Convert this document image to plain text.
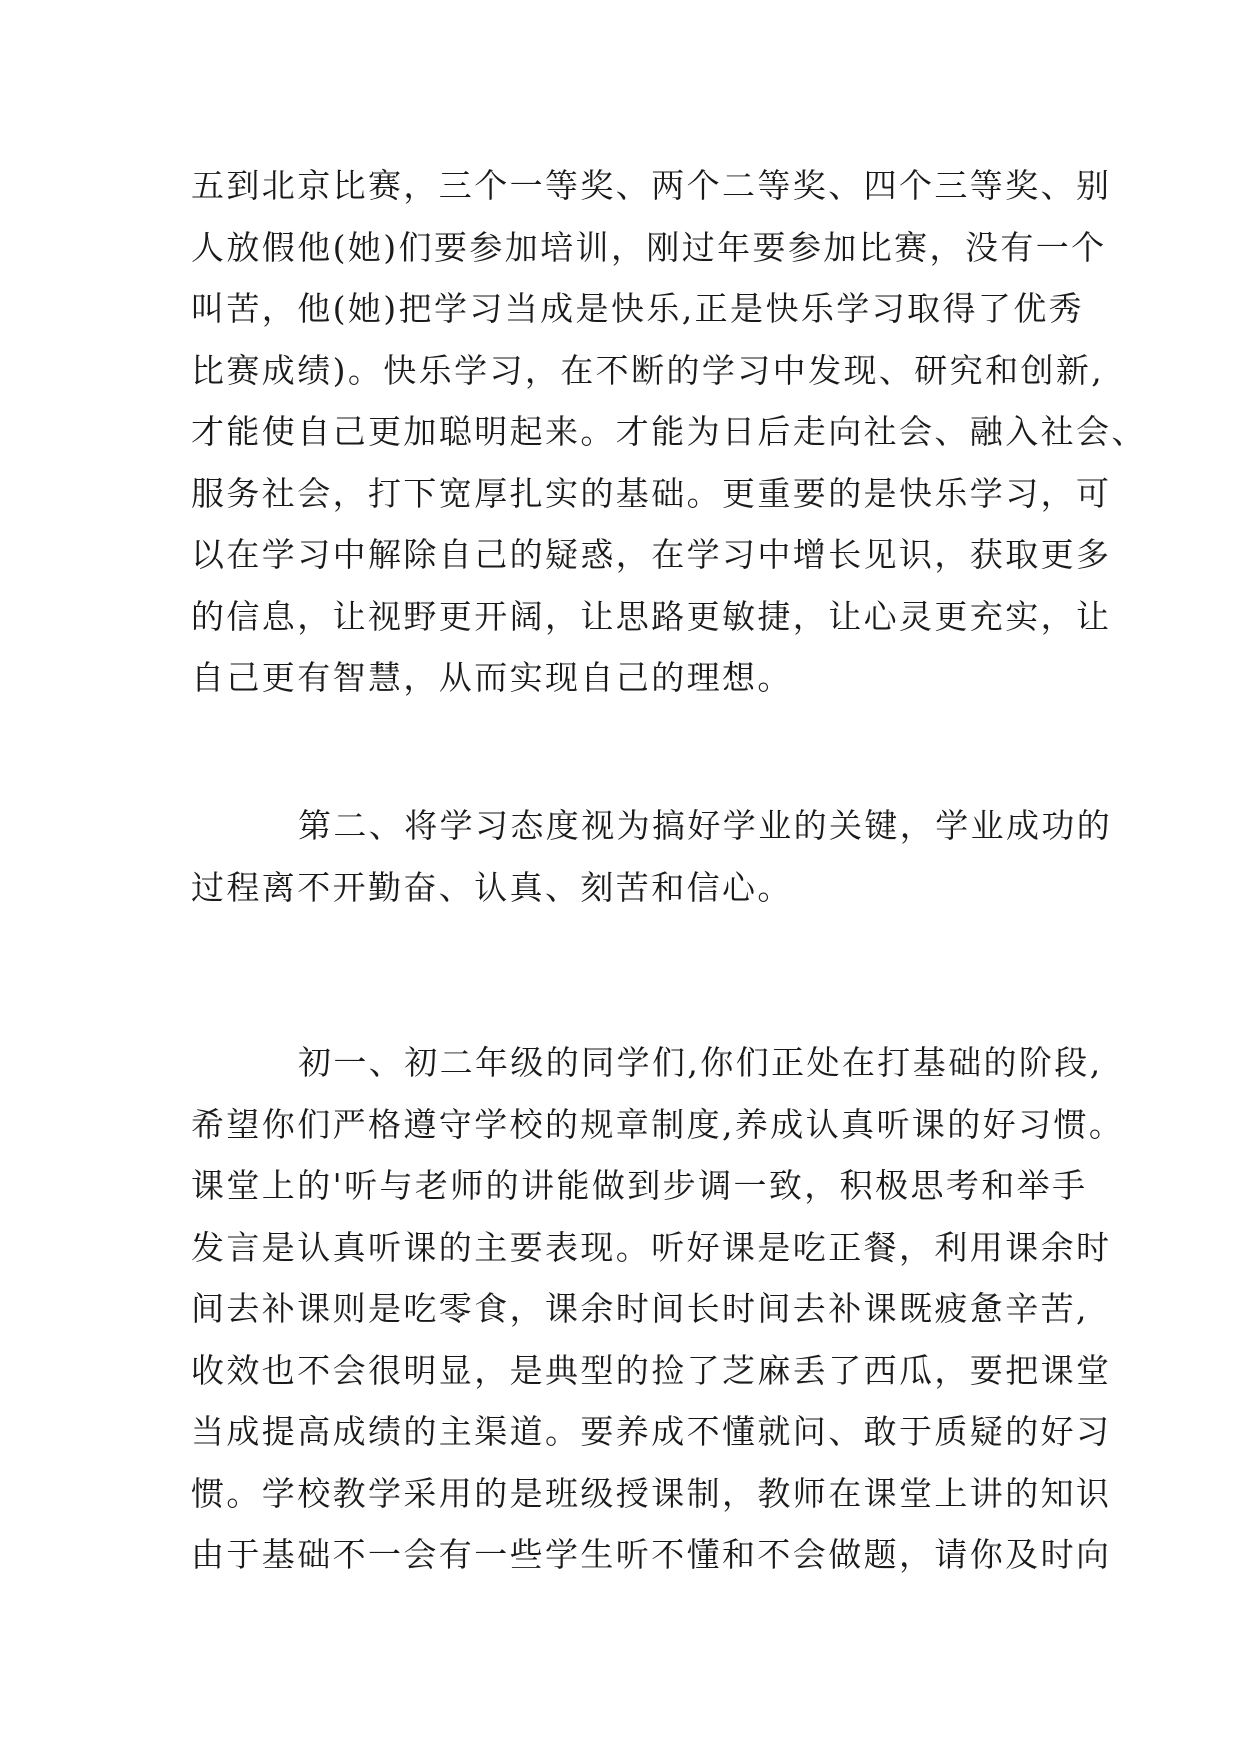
五到北京比赛，三个一等奖、两个二等奖、四个三等奖、别
人放假他(她)们要参加培训，刚过年要参加比赛，没有一个
叫苦，他(她)把学习当成是快乐,正是快乐学习取得了优秀
比赛成绩)。快乐学习，在不断的学习中发现、研究和创新,
才能使自己更加聪明起来。才能为日后走向社会、融入社会、
服务社会，打下宽厚扎实的基础。更重要的是快乐学习，可
以在学习中解除自己的疑惑，在学习中增长见识，获取更多
的信息，让视野更开阔，让思路更敏捷，让心灵更充实，让
自己更有智慧，从而实现自己的理想。

第二、将学习态度视为搞好学业的关键，学业成功的
过程离不开勤奋、认真、刻苦和信心。

初一、初二年级的同学们,你们正处在打基础的阶段,
希望你们严格遵守学校的规章制度,养成认真听课的好习惯。
课堂上的'听与老师的讲能做到步调一致，积极思考和举手
发言是认真听课的主要表现。听好课是吃正餐，利用课余时
间去补课则是吃零食，课余时间长时间去补课既疲惫辛苦,
收效也不会很明显，是典型的捡了芝麻丢了西瓜，要把课堂
当成提高成绩的主渠道。要养成不懂就问、敢于质疑的好习
惯。学校教学采用的是班级授课制，教师在课堂上讲的知识
由于基础不一会有一些学生听不懂和不会做题，请你及时向
